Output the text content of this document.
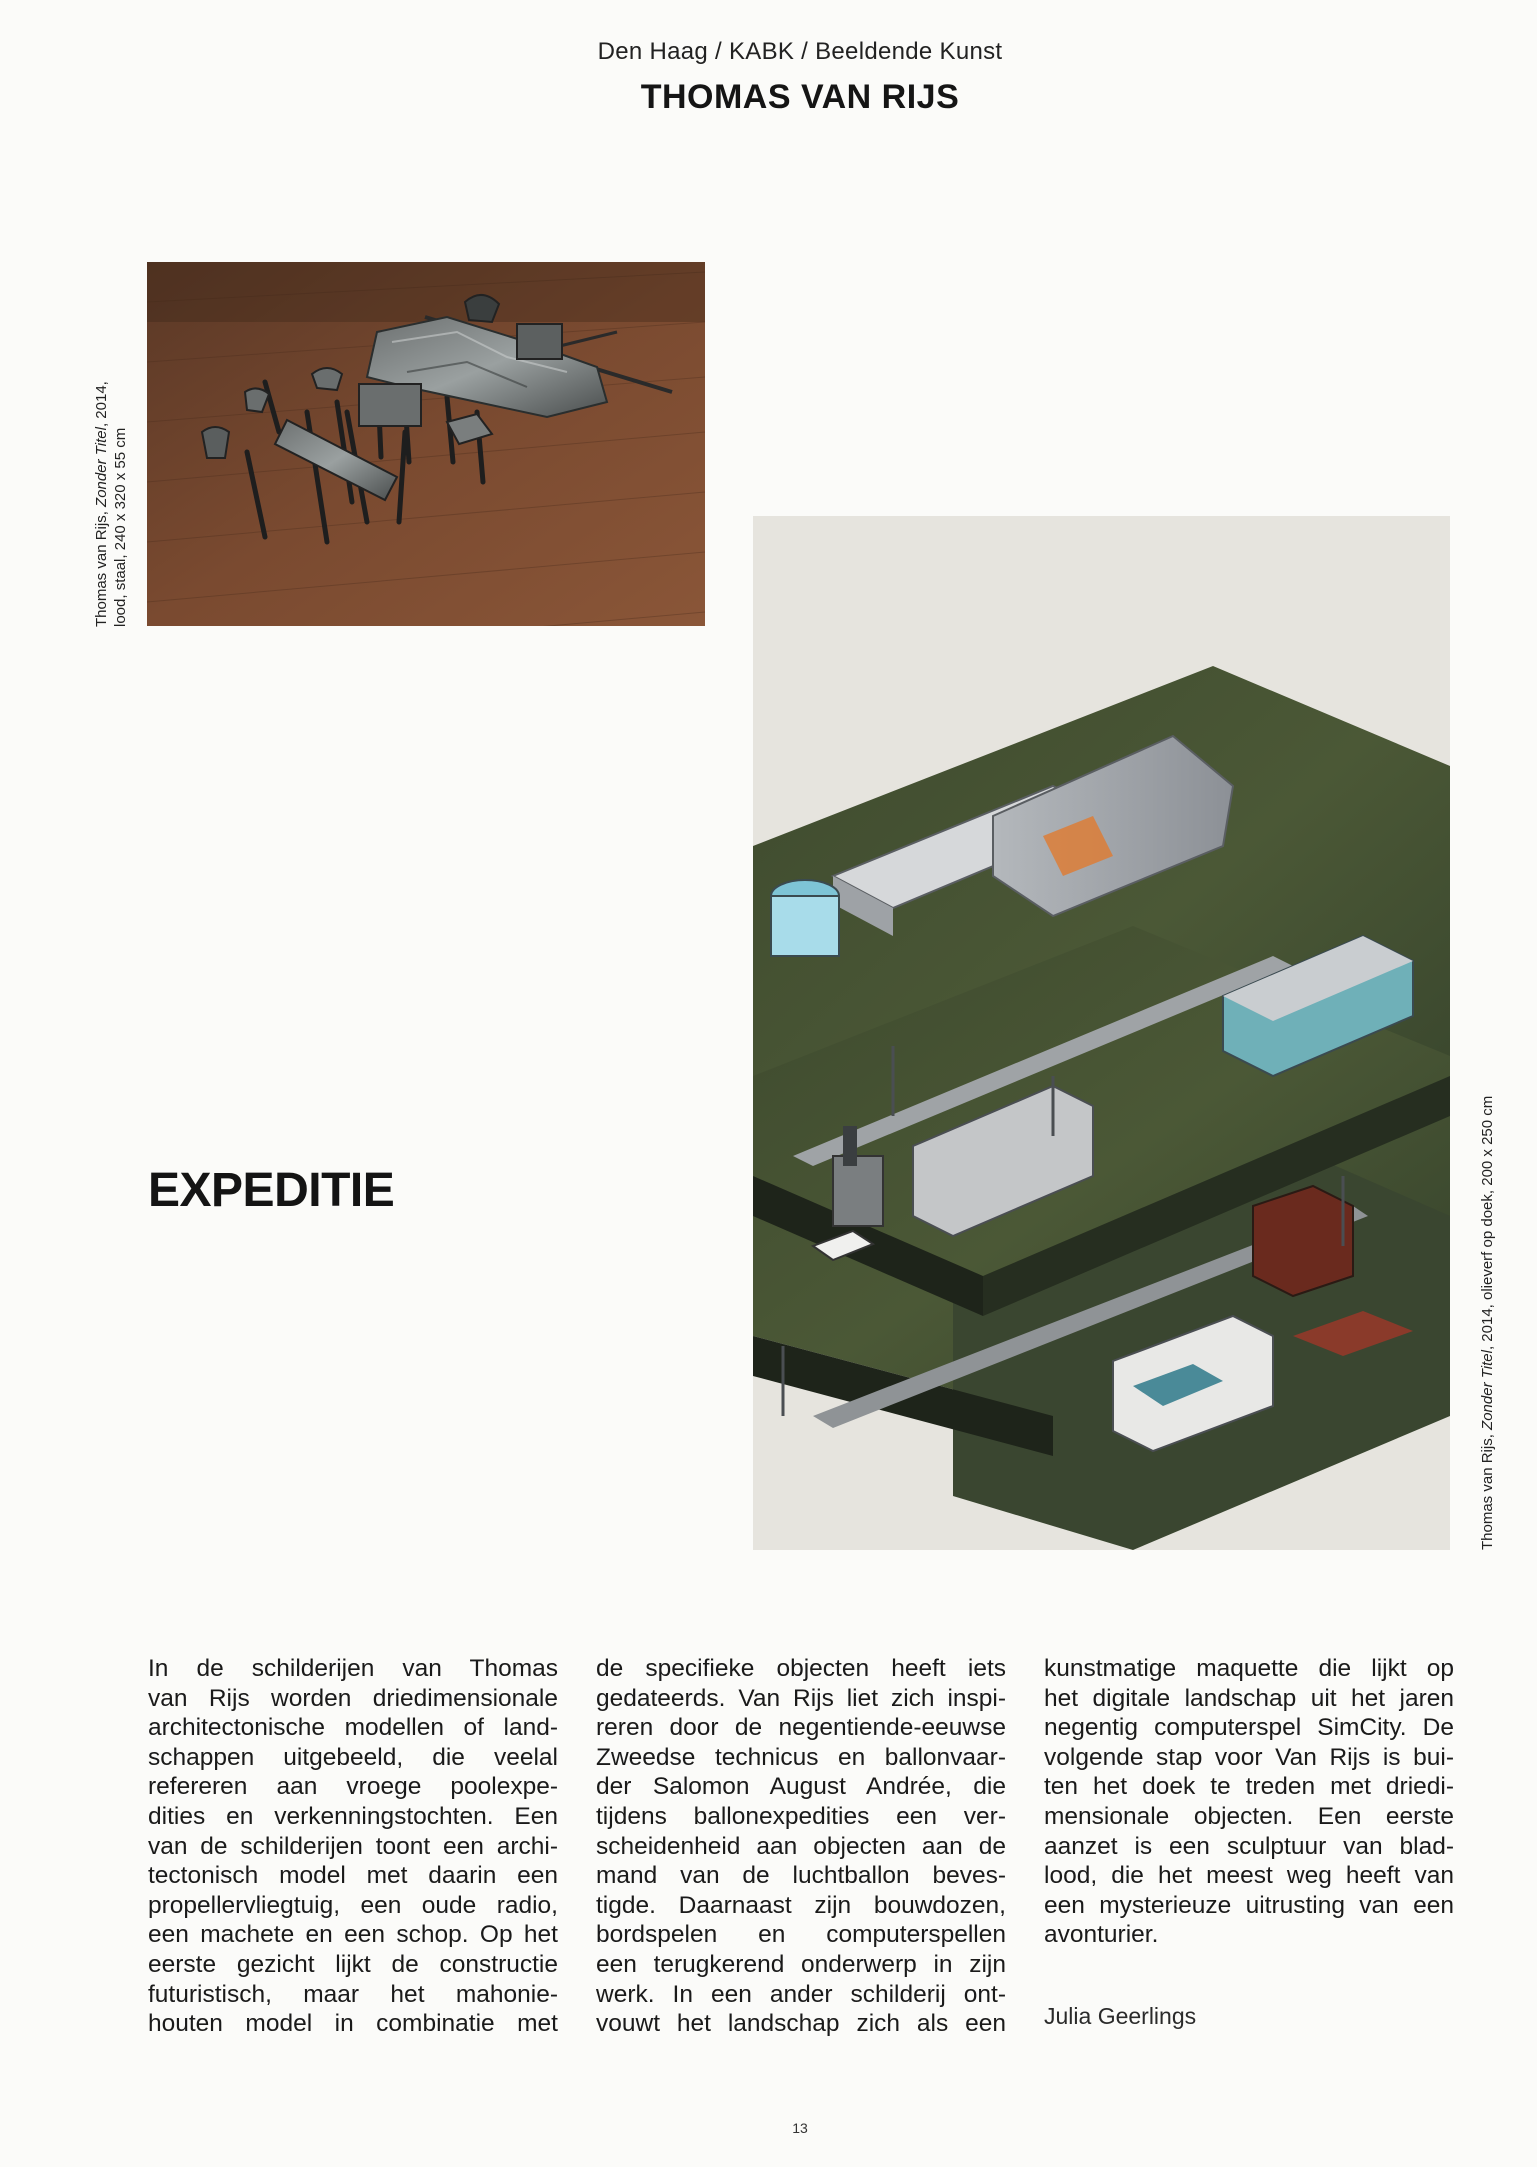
Den Haag / KABK / Beeldende Kunst
THOMAS VAN RIJS
Thomas van Rijs, Zonder Titel, 2014,
lood, staal, 240 x 320 x 55 cm
Thomas van Rijs, Zonder Titel, 2014, olieverf op doek, 200 x 250 cm
EXPEDITIE
In de schilderijen van Thomas
van Rijs worden driedimensionale
architectonische modellen of land-
schappen uitgebeeld, die veelal
refereren aan vroege poolexpe-
dities en verkenningstochten. Een
van de schilderijen toont een archi-
tectonisch model met daarin een
propellervliegtuig, een oude radio,
een machete en een schop. Op het
eerste gezicht lijkt de constructie
futuristisch, maar het mahonie-
houten model in combinatie met
de specifieke objecten heeft iets
gedateerds. Van Rijs liet zich inspi-
reren door de negentiende-eeuwse
Zweedse technicus en ballonvaar-
der Salomon August Andrée, die
tijdens ballonexpedities een ver-
scheidenheid aan objecten aan de
mand van de luchtballon beves-
tigde. Daarnaast zijn bouwdozen,
bordspelen en computerspellen
een terugkerend onderwerp in zijn
werk. In een ander schilderij ont-
vouwt het landschap zich als een
kunstmatige maquette die lijkt op
het digitale landschap uit het jaren
negentig computerspel SimCity. De
volgende stap voor Van Rijs is bui-
ten het doek te treden met driedi-
mensionale objecten. Een eerste
aanzet is een sculptuur van blad-
lood, die het meest weg heeft van
een mysterieuze uitrusting van een
avonturier.
Julia Geerlings
13
